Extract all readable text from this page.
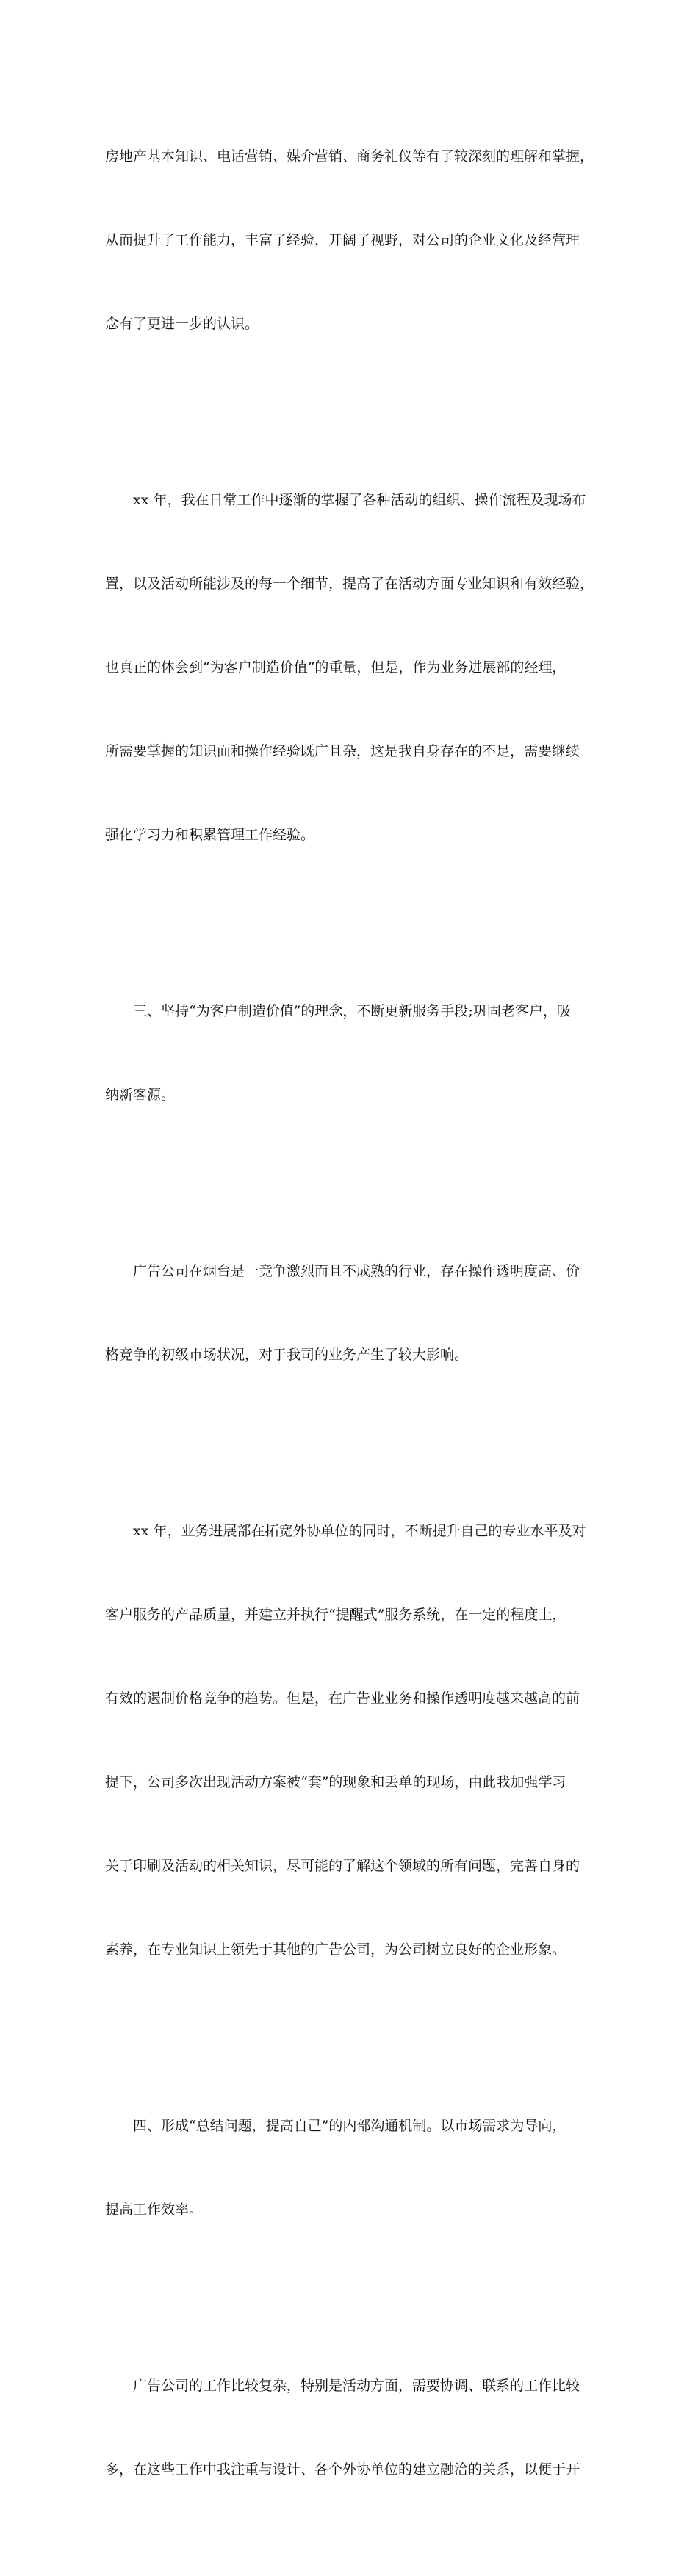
房地产基本知识、电话营销、媒介营销、商务礼仪等有了较深刻的理解和掌握，

从而提升了工作能力，丰富了经验，开阔了视野，对公司的企业文化及经营理

念有了更进一步的认识。

xx 年，我在日常工作中逐渐的掌握了各种活动的组织、操作流程及现场布

置，以及活动所能涉及的每一个细节，提高了在活动方面专业知识和有效经验，

也真正的体会到“为客户制造价值”的重量，但是，作为业务进展部的经理，

所需要掌握的知识面和操作经验既广且杂，这是我自身存在的不足，需要继续

强化学习力和积累管理工作经验。

三、坚持“为客户制造价值”的理念，不断更新服务手段;巩固老客户，吸

纳新客源。

广告公司在烟台是一竞争激烈而且不成熟的行业，存在操作透明度高、价

格竞争的初级市场状况，对于我司的业务产生了较大影响。

xx 年，业务进展部在拓宽外协单位的同时，不断提升自己的专业水平及对

客户服务的产品质量，并建立并执行“提醒式”服务系统，在一定的程度上，

有效的遏制价格竞争的趋势。但是，在广告业业务和操作透明度越来越高的前

提下，公司多次出现活动方案被“套”的现象和丢单的现场，由此我加强学习

关于印刷及活动的相关知识，尽可能的了解这个领域的所有问题，完善自身的

素养，在专业知识上领先于其他的广告公司，为公司树立良好的企业形象。

四、形成“总结问题，提高自己”的内部沟通机制。以市场需求为导向，

提高工作效率。

广告公司的工作比较复杂，特别是活动方面，需要协调、联系的工作比较

多，在这些工作中我注重与设计、各个外协单位的建立融洽的关系，以便于开
